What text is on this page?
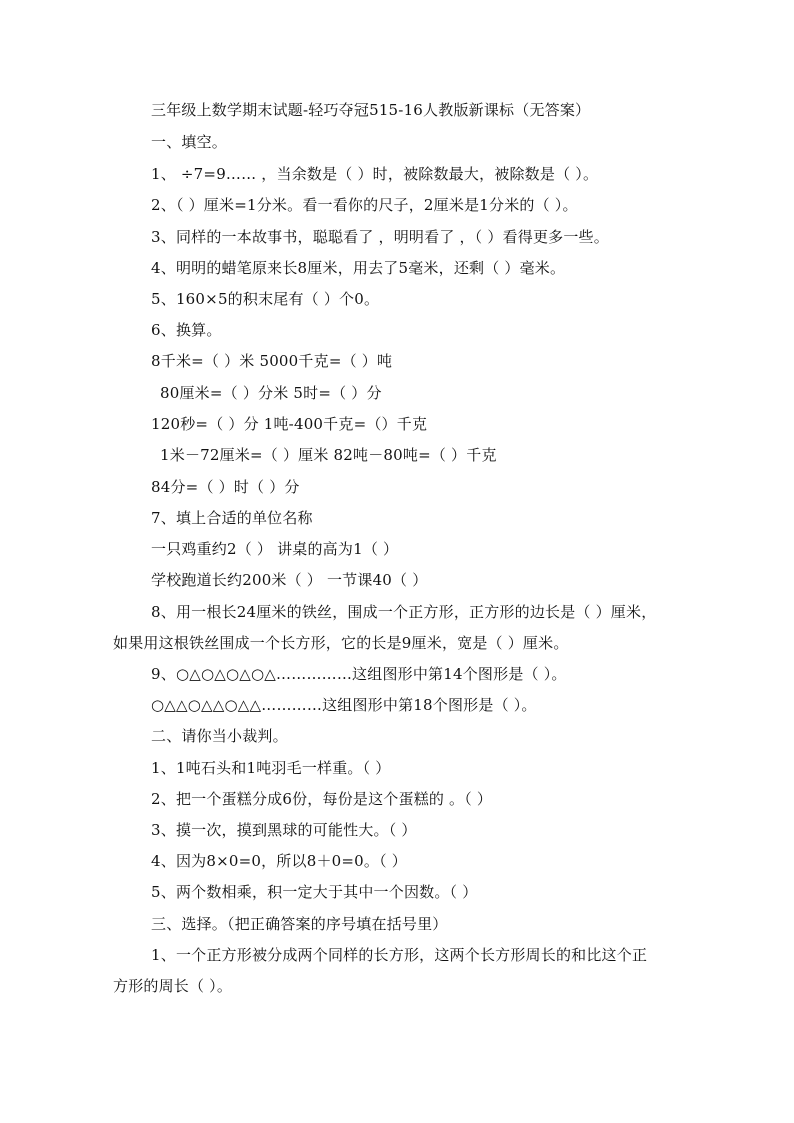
三年级上数学期末试题-轻巧夺冠515-16人教版新课标（无答案）
一、填空。
1、 ÷7=9…… ，当余数是（ ）时，被除数最大，被除数是（ ）。
2、（ ）厘米=1分米。看一看你的尺子，2厘米是1分米的（ ）。
3、同样的一本故事书，聪聪看了 ，明明看了 ，（ ）看得更多一些。
4、明明的蜡笔原来长8厘米，用去了5毫米，还剩（ ）毫米。
5、160×5的积末尾有（ ）个0。
6、换算。
8千米=（ ）米 5000千克=（ ）吨
80厘米=（ ）分米 5时=（ ）分
120秒=（ ）分 1吨-400千克=（）千克
1米－72厘米=（ ）厘米 82吨－80吨=（ ）千克
84分=（ ）时（ ）分
7、填上合适的单位名称
一只鸡重约2（ ） 讲桌的高为1（ ）
学校跑道长约200米（ ） 一节课40（ ）
8、用一根长24厘米的铁丝，围成一个正方形，正方形的边长是（ ）厘米，
如果用这根铁丝围成一个长方形，它的长是9厘米，宽是（ ）厘米。
9、○△○△○△○△……………这组图形中第14个图形是（ ）。
○△△○△△○△△…………这组图形中第18个图形是（ ）。
二、请你当小裁判。
1、1吨石头和1吨羽毛一样重。（ ）
2、把一个蛋糕分成6份，每份是这个蛋糕的 。（ ）
3、摸一次，摸到黑球的可能性大。（ ）
4、因为8×0=0，所以8＋0=0。（ ）
5、两个数相乘，积一定大于其中一个因数。（ ）
三、选择。（把正确答案的序号填在括号里）
1、一个正方形被分成两个同样的长方形，这两个长方形周长的和比这个正
方形的周长（ ）。
